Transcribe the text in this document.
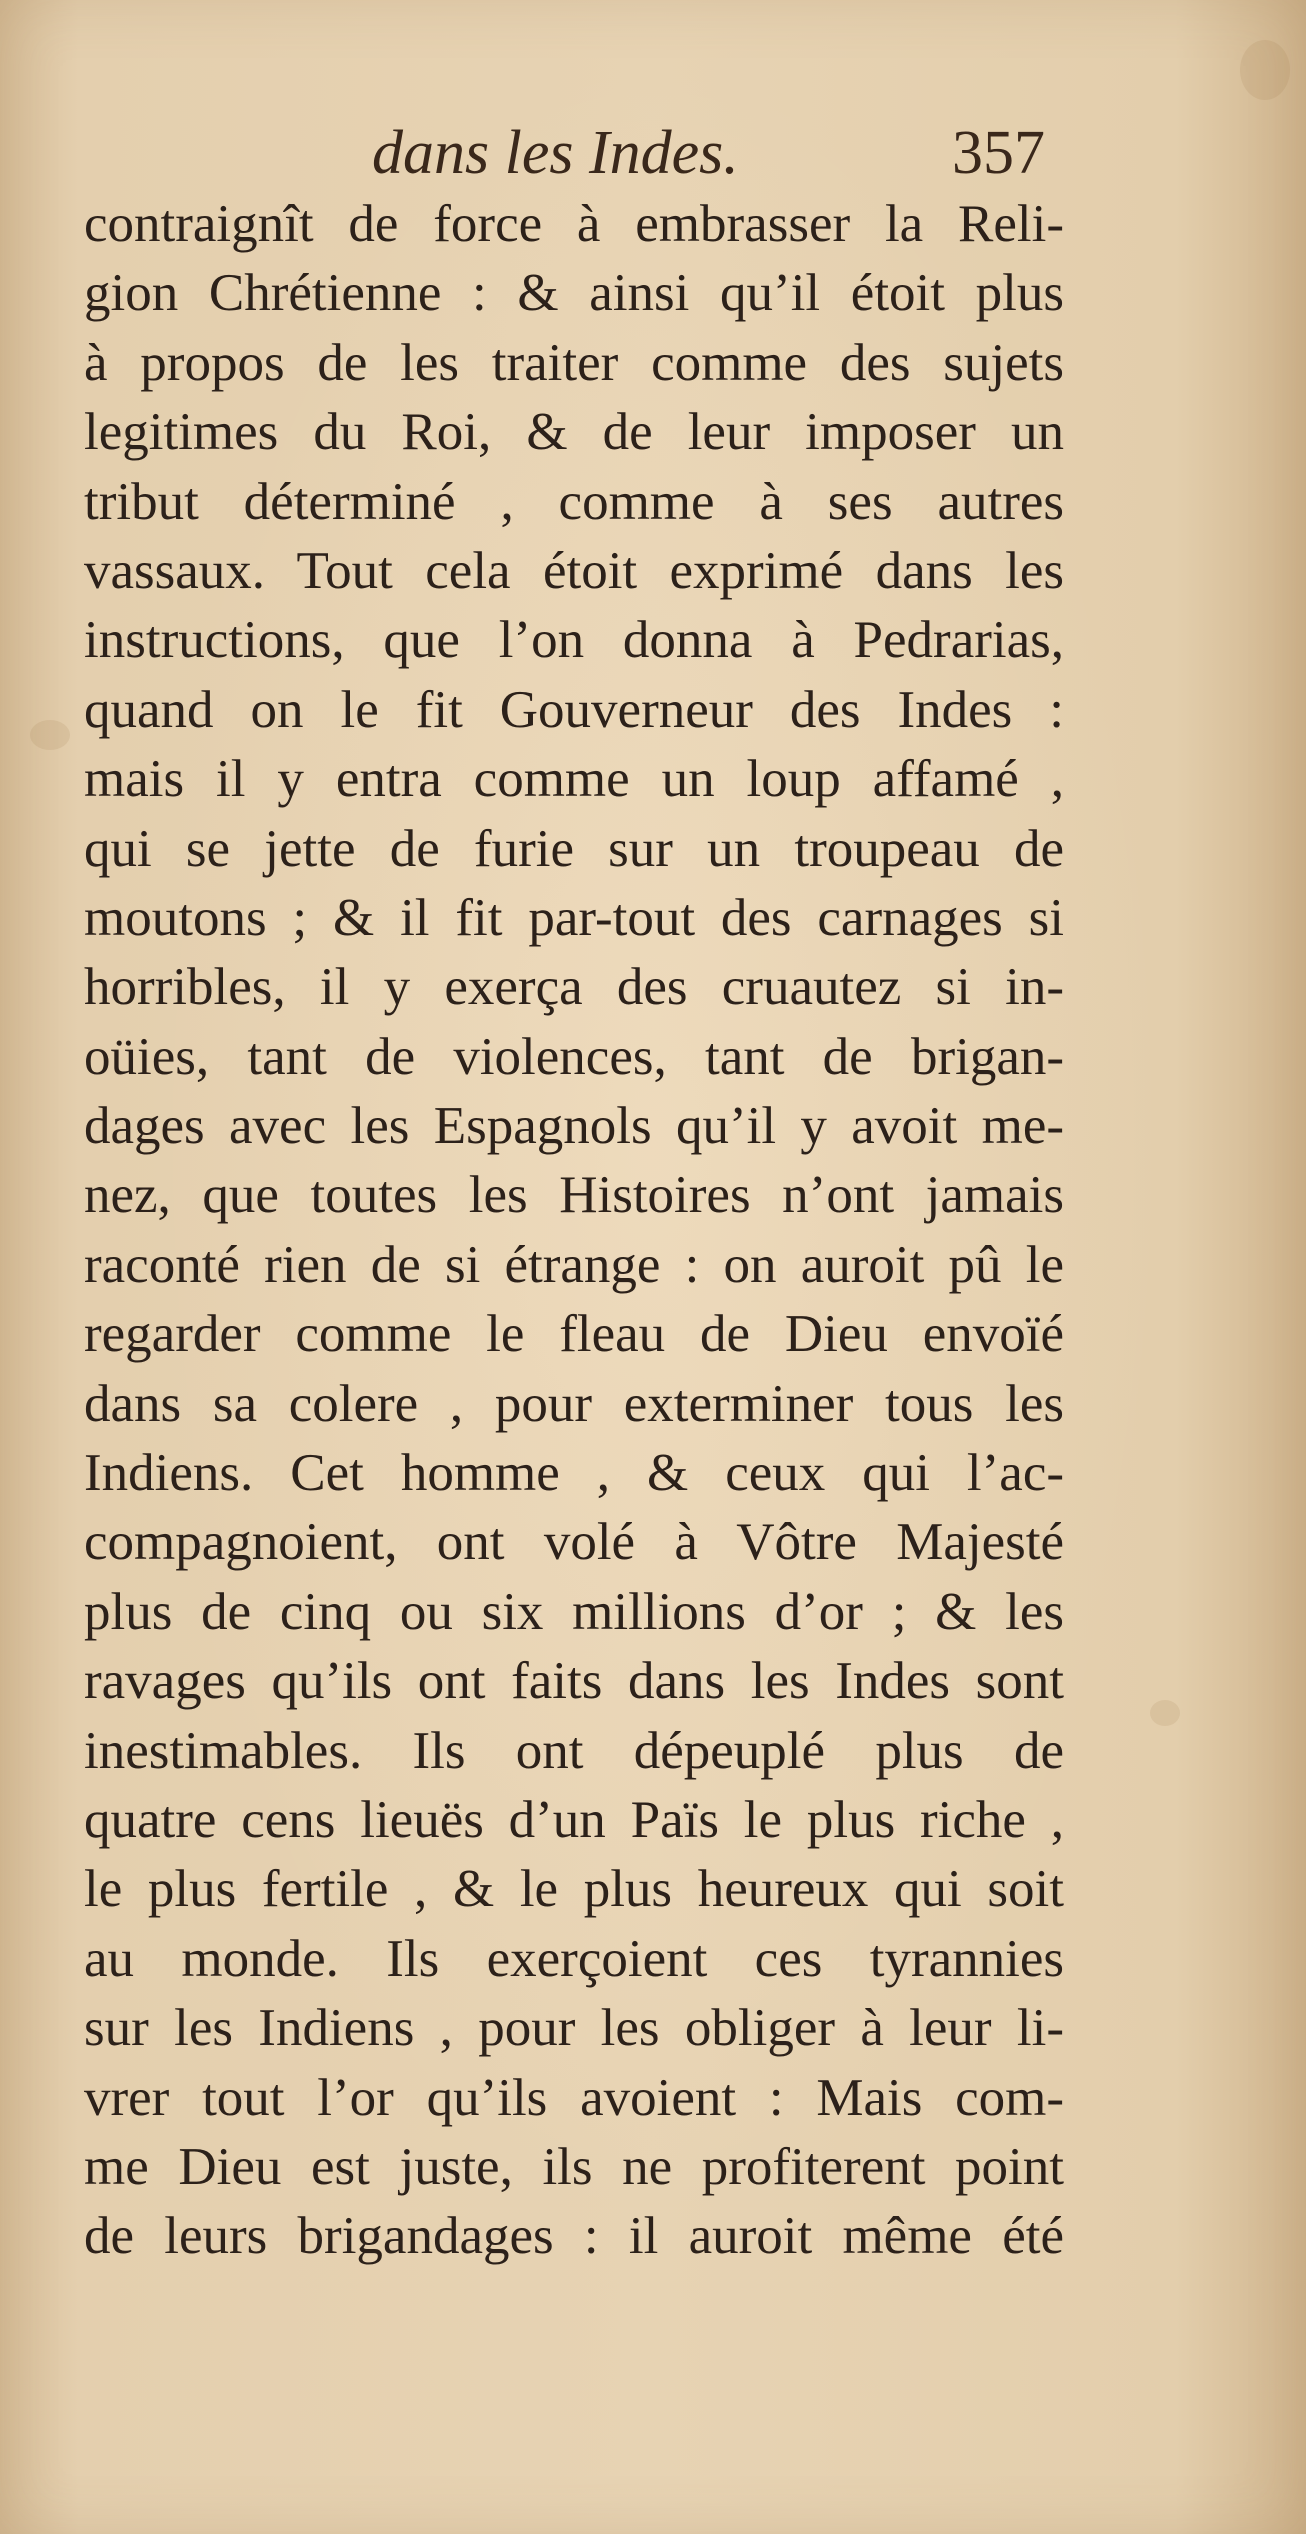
dans les Indes.	357
contraignît de force à embrasser la Reli-
gion Chrétienne : & ainsi qu’il étoit plus
à propos de les traiter comme des sujets
legitimes du Roi, & de leur imposer un
tribut déterminé , comme à ses autres
vassaux. Tout cela étoit exprimé dans les
instructions, que l’on donna à Pedrarias,
quand on le fit Gouverneur des Indes :
mais il y entra comme un loup affamé ,
qui se jette de furie sur un troupeau de
moutons ; & il fit par-tout des carnages si
horribles, il y exerça des cruautez si in-
oüies, tant de violences, tant de brigan-
dages avec les Espagnols qu’il y avoit me-
nez, que toutes les Histoires n’ont jamais
raconté rien de si étrange : on auroit pû le
regarder comme le fleau de Dieu envoïé
dans sa colere , pour exterminer tous les
Indiens. Cet homme , & ceux qui l’ac-
compagnoient, ont volé à Vôtre Majesté
plus de cinq ou six millions d’or ; & les
ravages qu’ils ont faits dans les Indes sont
inestimables. Ils ont dépeuplé plus de
quatre cens lieuës d’un Païs le plus riche ,
le plus fertile , & le plus heureux qui soit
au monde. Ils exerçoient ces tyrannies
sur les Indiens , pour les obliger à leur li-
vrer tout l’or qu’ils avoient : Mais com-
me Dieu est juste, ils ne profiterent point
de leurs brigandages : il auroit même été
